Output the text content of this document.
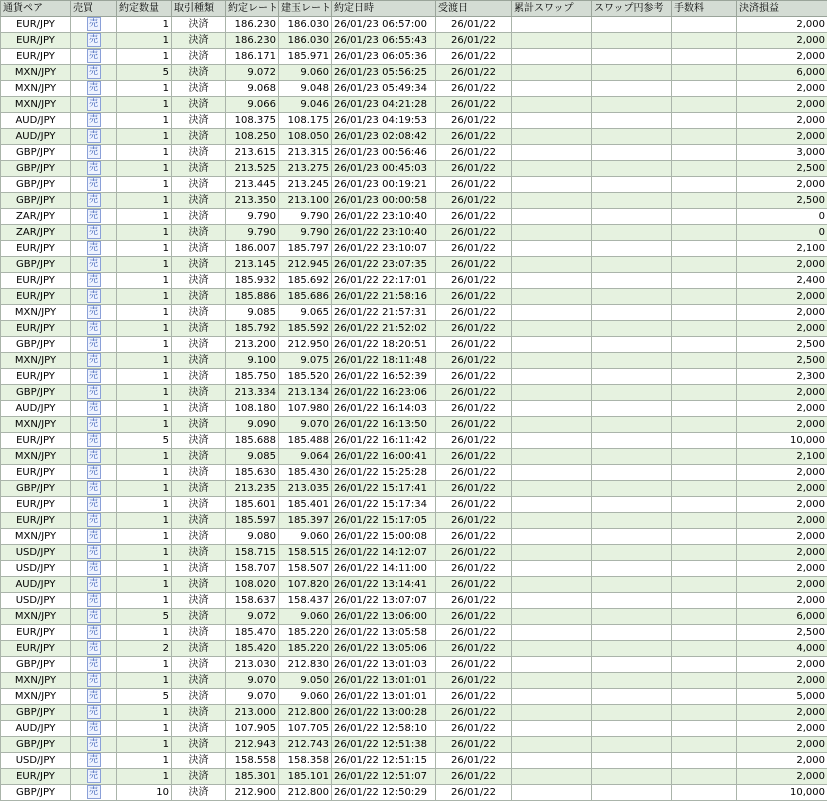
通貨ペア	売買	約定数量	取引種類	約定レート	建玉レート	約定日時	受渡日	累計スワップ	スワップ円参考	手数料	決済損益
EUR/JPY	売	1	決済	186.230	186.030	26/01/23 06:57:00	26/01/22				2,000
EUR/JPY	売	1	決済	186.230	186.030	26/01/23 06:55:43	26/01/22				2,000
EUR/JPY	売	1	決済	186.171	185.971	26/01/23 06:05:36	26/01/22				2,000
MXN/JPY	売	5	決済	9.072	9.060	26/01/23 05:56:25	26/01/22				6,000
MXN/JPY	売	1	決済	9.068	9.048	26/01/23 05:49:34	26/01/22				2,000
MXN/JPY	売	1	決済	9.066	9.046	26/01/23 04:21:28	26/01/22				2,000
AUD/JPY	売	1	決済	108.375	108.175	26/01/23 04:19:53	26/01/22				2,000
AUD/JPY	売	1	決済	108.250	108.050	26/01/23 02:08:42	26/01/22				2,000
GBP/JPY	売	1	決済	213.615	213.315	26/01/23 00:56:46	26/01/22				3,000
GBP/JPY	売	1	決済	213.525	213.275	26/01/23 00:45:03	26/01/22				2,500
GBP/JPY	売	1	決済	213.445	213.245	26/01/23 00:19:21	26/01/22				2,000
GBP/JPY	売	1	決済	213.350	213.100	26/01/23 00:00:58	26/01/22				2,500
ZAR/JPY	売	1	決済	9.790	9.790	26/01/22 23:10:40	26/01/22				0
ZAR/JPY	売	1	決済	9.790	9.790	26/01/22 23:10:40	26/01/22				0
EUR/JPY	売	1	決済	186.007	185.797	26/01/22 23:10:07	26/01/22				2,100
GBP/JPY	売	1	決済	213.145	212.945	26/01/22 23:07:35	26/01/22				2,000
EUR/JPY	売	1	決済	185.932	185.692	26/01/22 22:17:01	26/01/22				2,400
EUR/JPY	売	1	決済	185.886	185.686	26/01/22 21:58:16	26/01/22				2,000
MXN/JPY	売	1	決済	9.085	9.065	26/01/22 21:57:31	26/01/22				2,000
EUR/JPY	売	1	決済	185.792	185.592	26/01/22 21:52:02	26/01/22				2,000
GBP/JPY	売	1	決済	213.200	212.950	26/01/22 18:20:51	26/01/22				2,500
MXN/JPY	売	1	決済	9.100	9.075	26/01/22 18:11:48	26/01/22				2,500
EUR/JPY	売	1	決済	185.750	185.520	26/01/22 16:52:39	26/01/22				2,300
GBP/JPY	売	1	決済	213.334	213.134	26/01/22 16:23:06	26/01/22				2,000
AUD/JPY	売	1	決済	108.180	107.980	26/01/22 16:14:03	26/01/22				2,000
MXN/JPY	売	1	決済	9.090	9.070	26/01/22 16:13:50	26/01/22				2,000
EUR/JPY	売	5	決済	185.688	185.488	26/01/22 16:11:42	26/01/22				10,000
MXN/JPY	売	1	決済	9.085	9.064	26/01/22 16:00:41	26/01/22				2,100
EUR/JPY	売	1	決済	185.630	185.430	26/01/22 15:25:28	26/01/22				2,000
GBP/JPY	売	1	決済	213.235	213.035	26/01/22 15:17:41	26/01/22				2,000
EUR/JPY	売	1	決済	185.601	185.401	26/01/22 15:17:34	26/01/22				2,000
EUR/JPY	売	1	決済	185.597	185.397	26/01/22 15:17:05	26/01/22				2,000
MXN/JPY	売	1	決済	9.080	9.060	26/01/22 15:00:08	26/01/22				2,000
USD/JPY	売	1	決済	158.715	158.515	26/01/22 14:12:07	26/01/22				2,000
USD/JPY	売	1	決済	158.707	158.507	26/01/22 14:11:00	26/01/22				2,000
AUD/JPY	売	1	決済	108.020	107.820	26/01/22 13:14:41	26/01/22				2,000
USD/JPY	売	1	決済	158.637	158.437	26/01/22 13:07:07	26/01/22				2,000
MXN/JPY	売	5	決済	9.072	9.060	26/01/22 13:06:00	26/01/22				6,000
EUR/JPY	売	1	決済	185.470	185.220	26/01/22 13:05:58	26/01/22				2,500
EUR/JPY	売	2	決済	185.420	185.220	26/01/22 13:05:06	26/01/22				4,000
GBP/JPY	売	1	決済	213.030	212.830	26/01/22 13:01:03	26/01/22				2,000
MXN/JPY	売	1	決済	9.070	9.050	26/01/22 13:01:01	26/01/22				2,000
MXN/JPY	売	5	決済	9.070	9.060	26/01/22 13:01:01	26/01/22				5,000
GBP/JPY	売	1	決済	213.000	212.800	26/01/22 13:00:28	26/01/22				2,000
AUD/JPY	売	1	決済	107.905	107.705	26/01/22 12:58:10	26/01/22				2,000
GBP/JPY	売	1	決済	212.943	212.743	26/01/22 12:51:38	26/01/22				2,000
USD/JPY	売	1	決済	158.558	158.358	26/01/22 12:51:15	26/01/22				2,000
EUR/JPY	売	1	決済	185.301	185.101	26/01/22 12:51:07	26/01/22				2,000
GBP/JPY	売	10	決済	212.900	212.800	26/01/22 12:50:29	26/01/22				10,000
